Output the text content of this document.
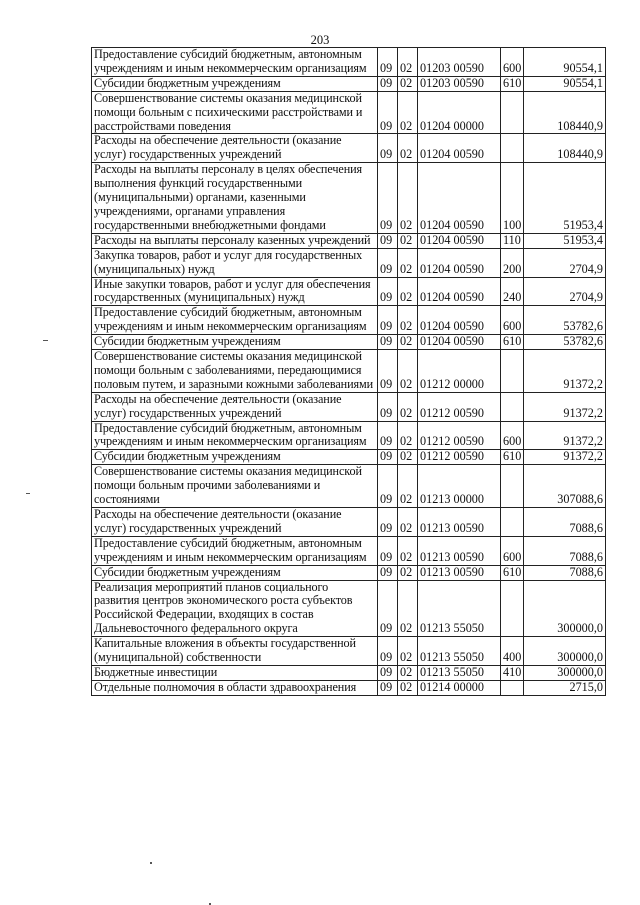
203
Предоставление субсидий бюджетным, автономным учреждениям и иным некоммерческим организациям	09	02	01203 00590	600	90554,1
Субсидии бюджетным учреждениям	09	02	01203 00590	610	90554,1
Совершенствование системы оказания медицинской помощи больным с психическими расстройствами и расстройствами поведения	09	02	01204 00000		108440,9
Расходы на обеспечение деятельности (оказание услуг) государственных учреждений	09	02	01204 00590		108440,9
Расходы на выплаты персоналу в целях обеспечения выполнения функций государственными (муниципальными) органами, казенными учреждениями, органами управления государственными внебюджетными фондами	09	02	01204 00590	100	51953,4
Расходы на выплаты персоналу казенных учреждений	09	02	01204 00590	110	51953,4
Закупка товаров, работ и услуг для государственных (муниципальных) нужд	09	02	01204 00590	200	2704,9
Иные закупки товаров, работ и услуг для обеспечения государственных (муниципальных) нужд	09	02	01204 00590	240	2704,9
Предоставление субсидий бюджетным, автономным учреждениям и иным некоммерческим организациям	09	02	01204 00590	600	53782,6
Субсидии бюджетным учреждениям	09	02	01204 00590	610	53782,6
Совершенствование системы оказания медицинской помощи больным с заболеваниями, передающимися половым путем, и заразными кожными заболеваниями	09	02	01212 00000		91372,2
Расходы на обеспечение деятельности (оказание услуг) государственных учреждений	09	02	01212 00590		91372,2
Предоставление субсидий бюджетным, автономным учреждениям и иным некоммерческим организациям	09	02	01212 00590	600	91372,2
Субсидии бюджетным учреждениям	09	02	01212 00590	610	91372,2
Совершенствование системы оказания медицинской помощи больным прочими заболеваниями и состояниями	09	02	01213 00000		307088,6
Расходы на обеспечение деятельности (оказание услуг) государственных учреждений	09	02	01213 00590		7088,6
Предоставление субсидий бюджетным, автономным учреждениям и иным некоммерческим организациям	09	02	01213 00590	600	7088,6
Субсидии бюджетным учреждениям	09	02	01213 00590	610	7088,6
Реализация мероприятий планов социального развития центров экономического роста субъектов Российской Федерации, входящих в состав Дальневосточного федерального округа	09	02	01213 55050		300000,0
Капитальные вложения в объекты государственной (муниципальной) собственности	09	02	01213 55050	400	300000,0
Бюджетные инвестиции	09	02	01213 55050	410	300000,0
Отдельные полномочия в области здравоохранения	09	02	01214 00000		2715,0
